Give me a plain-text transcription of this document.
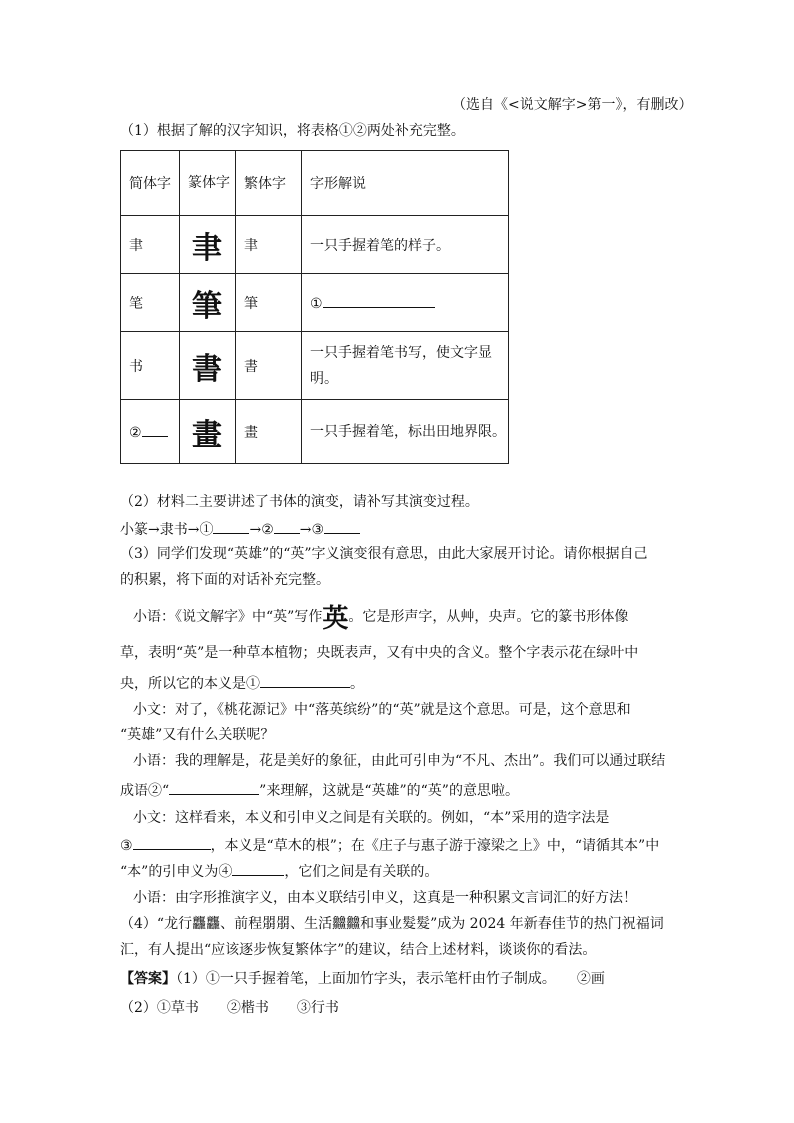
（选自《<说文解字>第一》，有删改）
（1）根据了解的汉字知识，将表格①②两处补充完整。
简体字	篆体字	繁体字	字形解说
聿	聿	聿	一只手握着笔的样子。
笔	筆	筆	①
书	書	書	一只手握着笔书写，使文字显明。
②	畫	畫	一只手握着笔，标出田地界限。
（2）材料二主要讲述了书体的演变，请补写其演变过程。
小篆→隶书→①	→② →③
（3）同学们发现“英雄”的“英”字义演变很有意思，由此大家展开讨论。请你根据自己
的积累，将下面的对话补充完整。
小语：《说文解字》中“英”写作英。它是形声字，从艸，央声。它的篆书形体像
草，表明“英”是一种草本植物；央既表声，又有中央的含义。整个字表示花在绿叶中
央，所以它的本义是①	。
小文：对了，《桃花源记》中“落英缤纷”的“英”就是这个意思。可是，这个意思和
“英雄”又有什么关联呢？
小语：我的理解是，花是美好的象征，由此可引申为“不凡、杰出”。我们可以通过联结
成语②“	”来理解，这就是“英雄”的“英”的意思啦。
小文：这样看来，本义和引申义之间是有关联的。例如，“本”采用的造字法是
③	，本义是“草木的根”；在《庄子与惠子游于濠梁之上》中，“请循其本”中
“本”的引申义为④	，它们之间是有关联的。
小语：由字形推演字义，由本义联结引申义，这真是一种积累文言词汇的好方法！
（4）“龙行龘龘、前程朤朤、生活䲜䲜和事业髮髮”成为 2024 年新春佳节的热门祝福词
汇，有人提出“应该逐步恢复繁体字”的建议，结合上述材料，谈谈你的看法。
【答案】（1）①一只手握着笔，上面加竹字头，表示笔杆由竹子制成。　　②画
（2）①草书　　②楷书　　③行书
